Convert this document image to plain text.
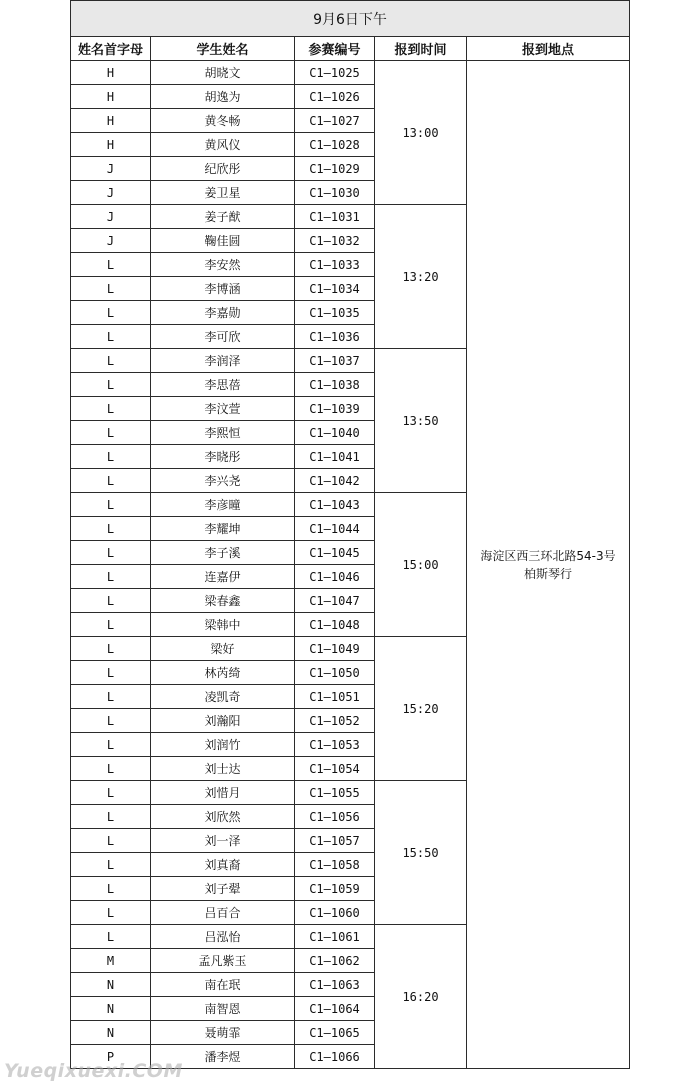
9月6日下午				
姓名首字母	学生姓名	参赛编号	报到时间	报到地点
H	胡晓文	C1—1025	13:00	海淀区西三环北路54-3号 柏斯琴行
H	胡逸为	C1—1026		
H	黄冬畅	C1—1027		
H	黄风仪	C1—1028		
J	纪欣彤	C1—1029		
J	姜卫星	C1—1030		
J	姜子猷	C1—1031	13:20	
J	鞠佳圆	C1—1032		
L	李安然	C1—1033		
L	李博涵	C1—1034		
L	李嘉勋	C1—1035		
L	李可欣	C1—1036		
L	李润泽	C1—1037	13:50	
L	李思蓓	C1—1038		
L	李汶萱	C1—1039		
L	李熙恒	C1—1040		
L	李晓彤	C1—1041		
L	李兴尧	C1—1042		
L	李彦曈	C1—1043	15:00	
L	李耀坤	C1—1044		
L	李子溪	C1—1045		
L	连嘉伊	C1—1046		
L	梁春鑫	C1—1047		
L	梁韩中	C1—1048		
L	梁好	C1—1049	15:20	
L	林芮绮	C1—1050		
L	凌凯奇	C1—1051		
L	刘瀚阳	C1—1052		
L	刘润竹	C1—1053		
L	刘士达	C1—1054		
L	刘惜月	C1—1055	15:50	
L	刘欣然	C1—1056		
L	刘一泽	C1—1057		
L	刘真裔	C1—1058		
L	刘子翚	C1—1059		
L	吕百合	C1—1060		
L	吕泓怡	C1—1061	16:20	
M	孟凡紫玉	C1—1062		
N	南在珉	C1—1063		
N	南智恩	C1—1064		
N	聂萌霏	C1—1065		
P	潘李煜	C1—1066		
Yueqixuexi.COM
